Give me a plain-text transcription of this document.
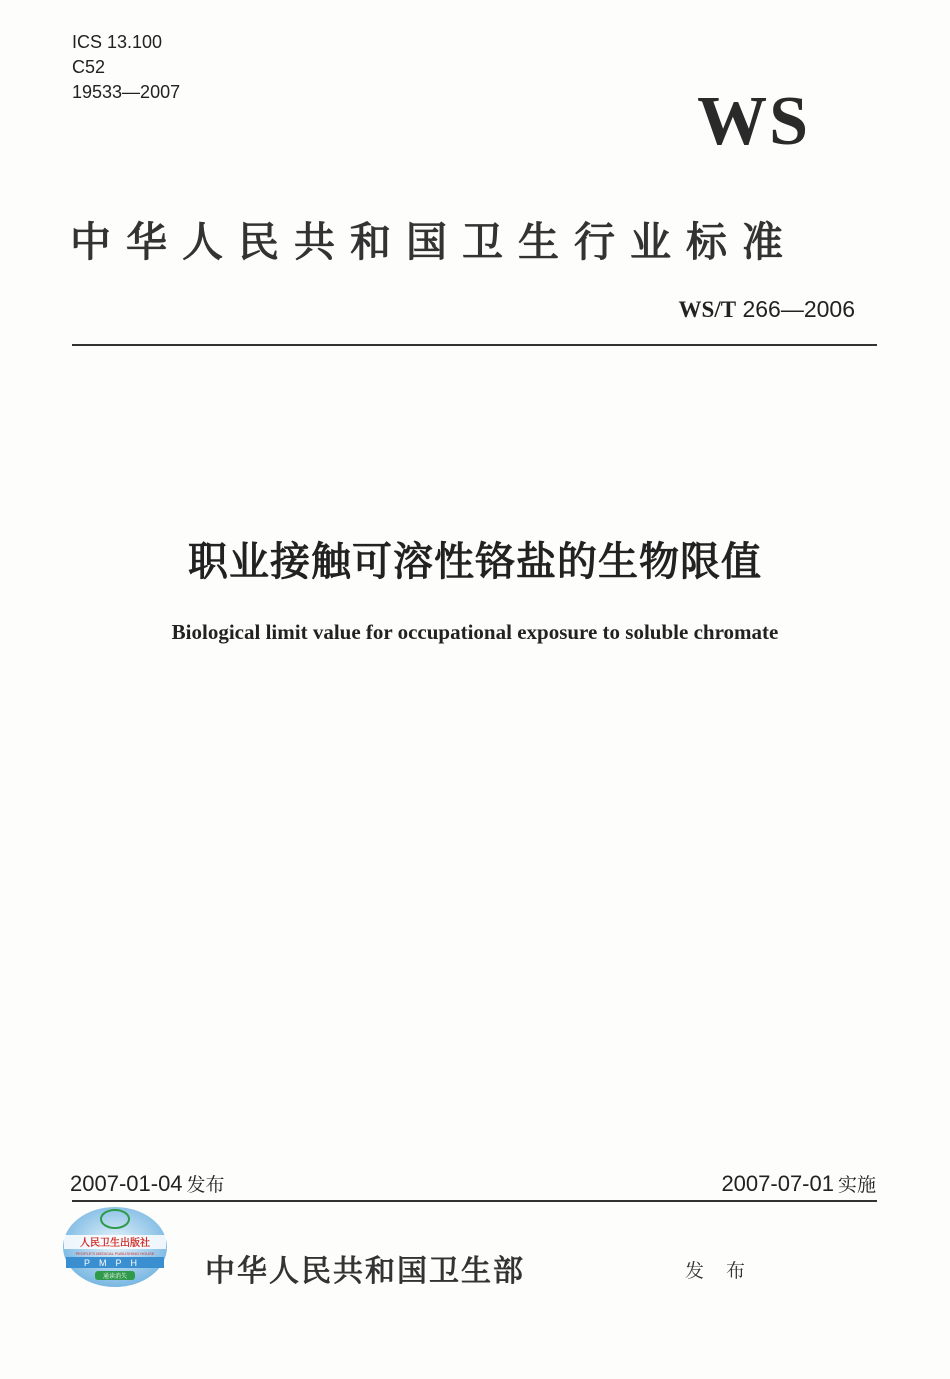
ICS 13.100
C52
19533—2007	WS
中华人民共和国卫生行业标准
WS/T 266—2006
职业接触可溶性铬盐的生物限值
Biological limit value for occupational exposure to soluble chromate
2007-01-04 发布	2007-07-01 实施
人民卫生出版社
PEOPLE'S MEDICAL PUBLISHING HOUSE
PMPH
通读消失	中华人民共和国卫生部	发 布
